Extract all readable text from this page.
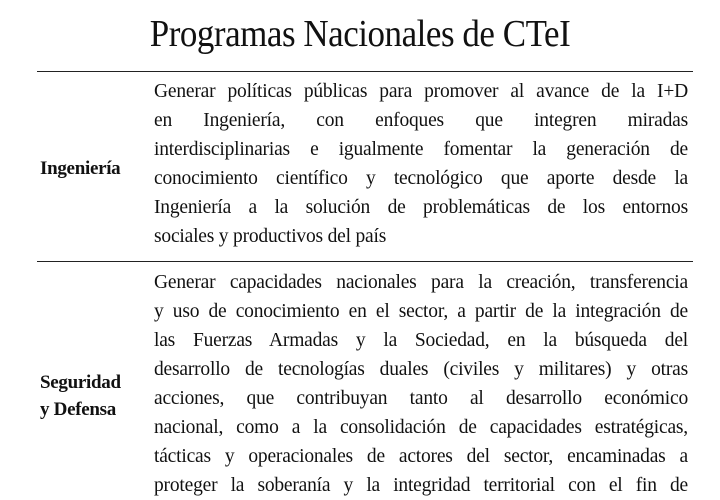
Programas Nacionales de CTeI
Ingeniería
Generar políticas públicas para promover al avance de la I+D
en Ingeniería, con enfoques que integren miradas
interdisciplinarias e igualmente fomentar la generación de
conocimiento científico y tecnológico que aporte desde la
Ingeniería a la solución de problemáticas de los entornos
sociales y productivos del país
Seguridad
y Defensa
Generar capacidades nacionales para la creación, transferencia
y uso de conocimiento en el sector, a partir de la integración de
las Fuerzas Armadas y la Sociedad, en la búsqueda del
desarrollo de tecnologías duales (civiles y militares) y otras
acciones, que contribuyan tanto al desarrollo económico
nacional, como a la consolidación de capacidades estratégicas,
tácticas y operacionales de actores del sector, encaminadas a
proteger la soberanía y la integridad territorial con el fin de
